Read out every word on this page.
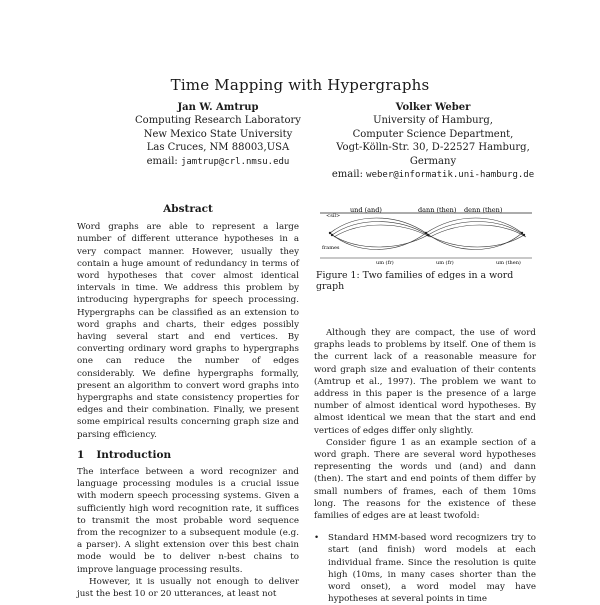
Time Mapping with Hypergraphs
Jan W. Amtrup
Computing Research Laboratory
New Mexico State University
Las Cruces, NM 88003,USA
email: jamtrup@crl.nmsu.edu
Volker Weber
University of Hamburg,
Computer Science Department,
Vogt-Kölln-Str. 30, D-22527 Hamburg, Germany
email: weber@informatik.uni-hamburg.de
Abstract

Word graphs are able to represent a large number of different utterance hypotheses in a very compact manner. However, usually they contain a huge amount of redundancy in terms of word hypotheses that cover almost identical intervals in time. We address this problem by introducing hypergraphs for speech processing. Hypergraphs can be classified as an extension to word graphs and charts, their edges possibly having several start and end vertices. By converting ordinary word graphs to hypergraphs one can reduce the number of edges considerably. We define hypergraphs formally, present an algorithm to convert word graphs into hypergraphs and state consistency properties for edges and their combination. Finally, we present some empirical results concerning graph size and parsing efficiency.

1 Introduction

The interface between a word recognizer and language processing modules is a crucial issue with modern speech processing systems. Given a sufficiently high word recognition rate, it suffices to transmit the most probable word sequence from the recognizer to a subsequent module (e.g. a parser). A slight extension over this best chain mode would be to deliver n-best chains to improve language processing results.

However, it is usually not enough to deliver just the best 10 or 20 utterances, at least not

<sil>
und (and)	dann (then) denn (then)
frames
um (fr)	um (fr)	um (then)
Figure 1: Two families of edges in a word graph

Although they are compact, the use of word graphs leads to problems by itself. One of them is the current lack of a reasonable measure for word graph size and evaluation of their contents (Amtrup et al., 1997). The problem we want to address in this paper is the presence of a large number of almost identical word hypotheses. By almost identical we mean that the start and end vertices of edges differ only slightly.

Consider figure 1 as an example section of a word graph. There are several word hypotheses representing the words und (and) and dann (then). The start and end points of them differ by small numbers of frames, each of them 10ms long. The reasons for the existence of these families of edges are at least twofold:

•	Standard HMM-based word recognizers try to start (and finish) word models at each individual frame. Since the resolution is quite high (10ms, in many cases shorter than the word onset), a word model may have hypotheses at several points in time
